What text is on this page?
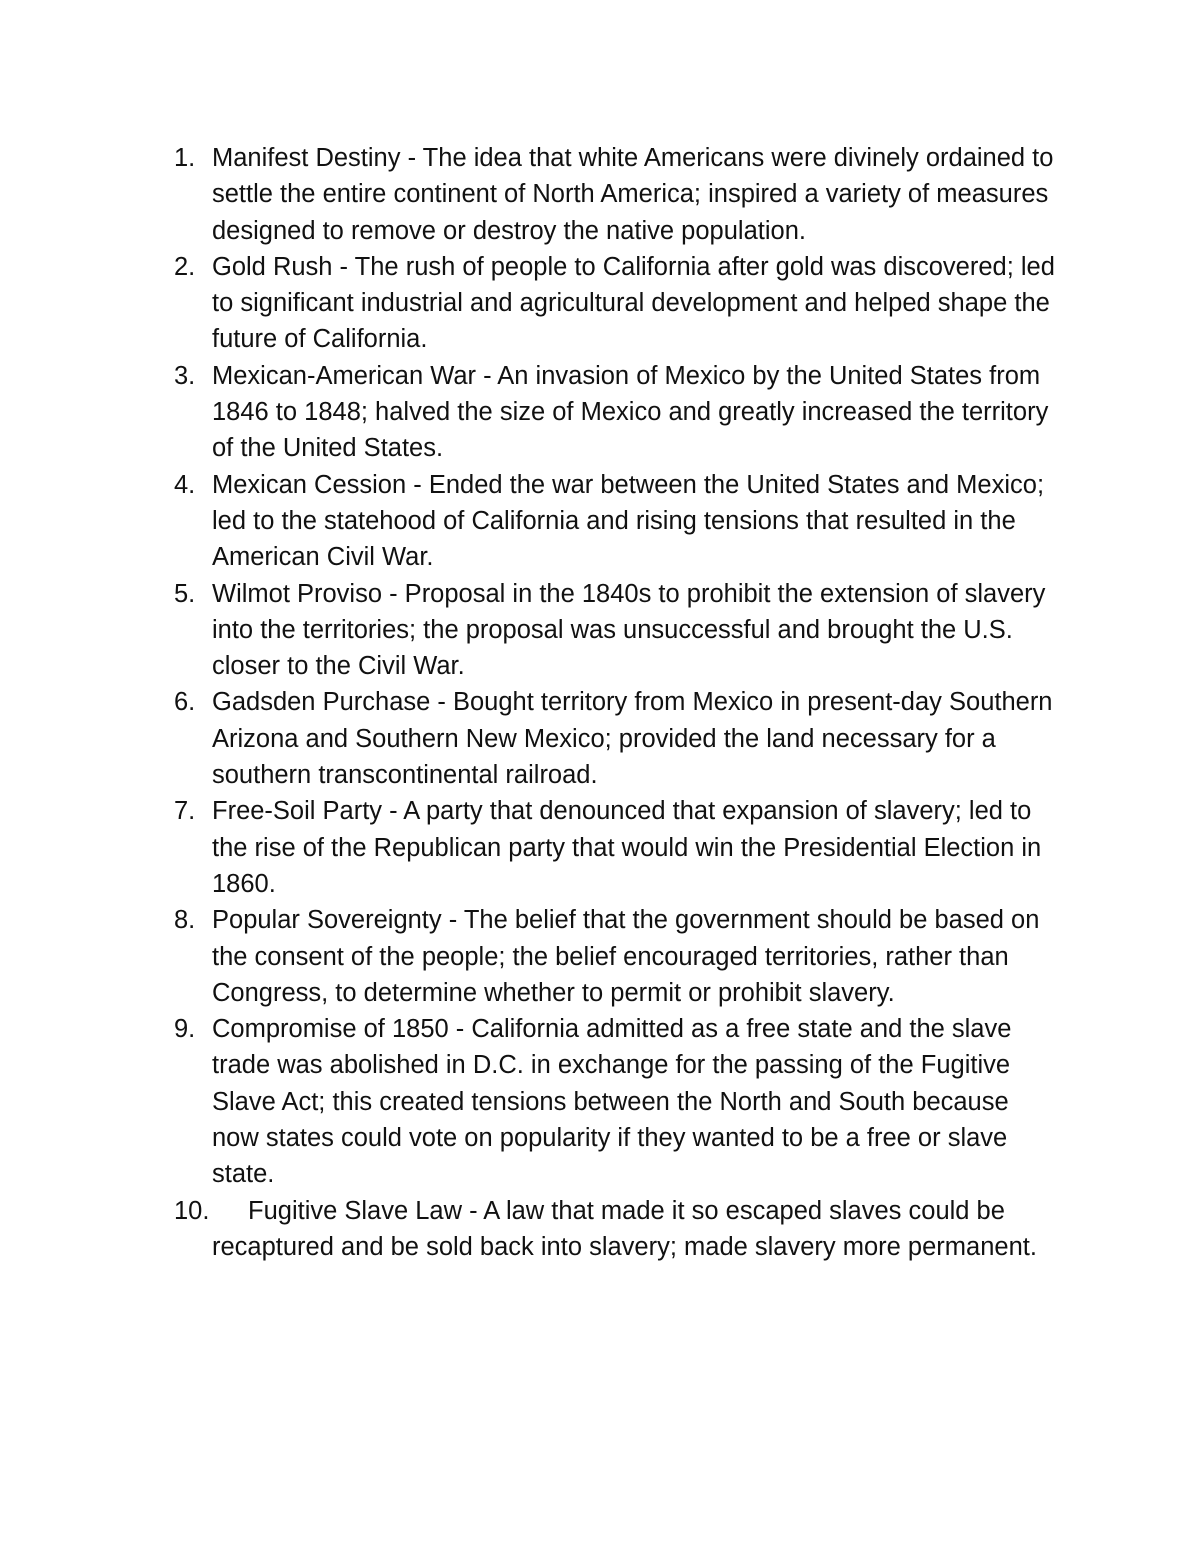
1. Manifest Destiny - The idea that white Americans were divinely ordained to settle the entire continent of North America; inspired a variety of measures designed to remove or destroy the native population.
2. Gold Rush - The rush of people to California after gold was discovered; led to significant industrial and agricultural development and helped shape the future of California.
3. Mexican-American War - An invasion of Mexico by the United States from 1846 to 1848; halved the size of Mexico and greatly increased the territory of the United States.
4. Mexican Cession - Ended the war between the United States and Mexico; led to the statehood of California and rising tensions that resulted in the American Civil War.
5. Wilmot Proviso - Proposal in the 1840s to prohibit the extension of slavery into the territories; the proposal was unsuccessful and brought the U.S. closer to the Civil War.
6. Gadsden Purchase - Bought territory from Mexico in present-day Southern Arizona and Southern New Mexico; provided the land necessary for a southern transcontinental railroad.
7. Free-Soil Party - A party that denounced that expansion of slavery; led to the rise of the Republican party that would win the Presidential Election in 1860.
8. Popular Sovereignty - The belief that the government should be based on the consent of the people; the belief encouraged territories, rather than Congress, to determine whether to permit or prohibit slavery.
9. Compromise of 1850 - California admitted as a free state and the slave trade was abolished in D.C. in exchange for the passing of the Fugitive Slave Act; this created tensions between the North and South because now states could vote on popularity if they wanted to be a free or slave state.
10.	Fugitive Slave Law - A law that made it so escaped slaves could be recaptured and be sold back into slavery; made slavery more permanent.
